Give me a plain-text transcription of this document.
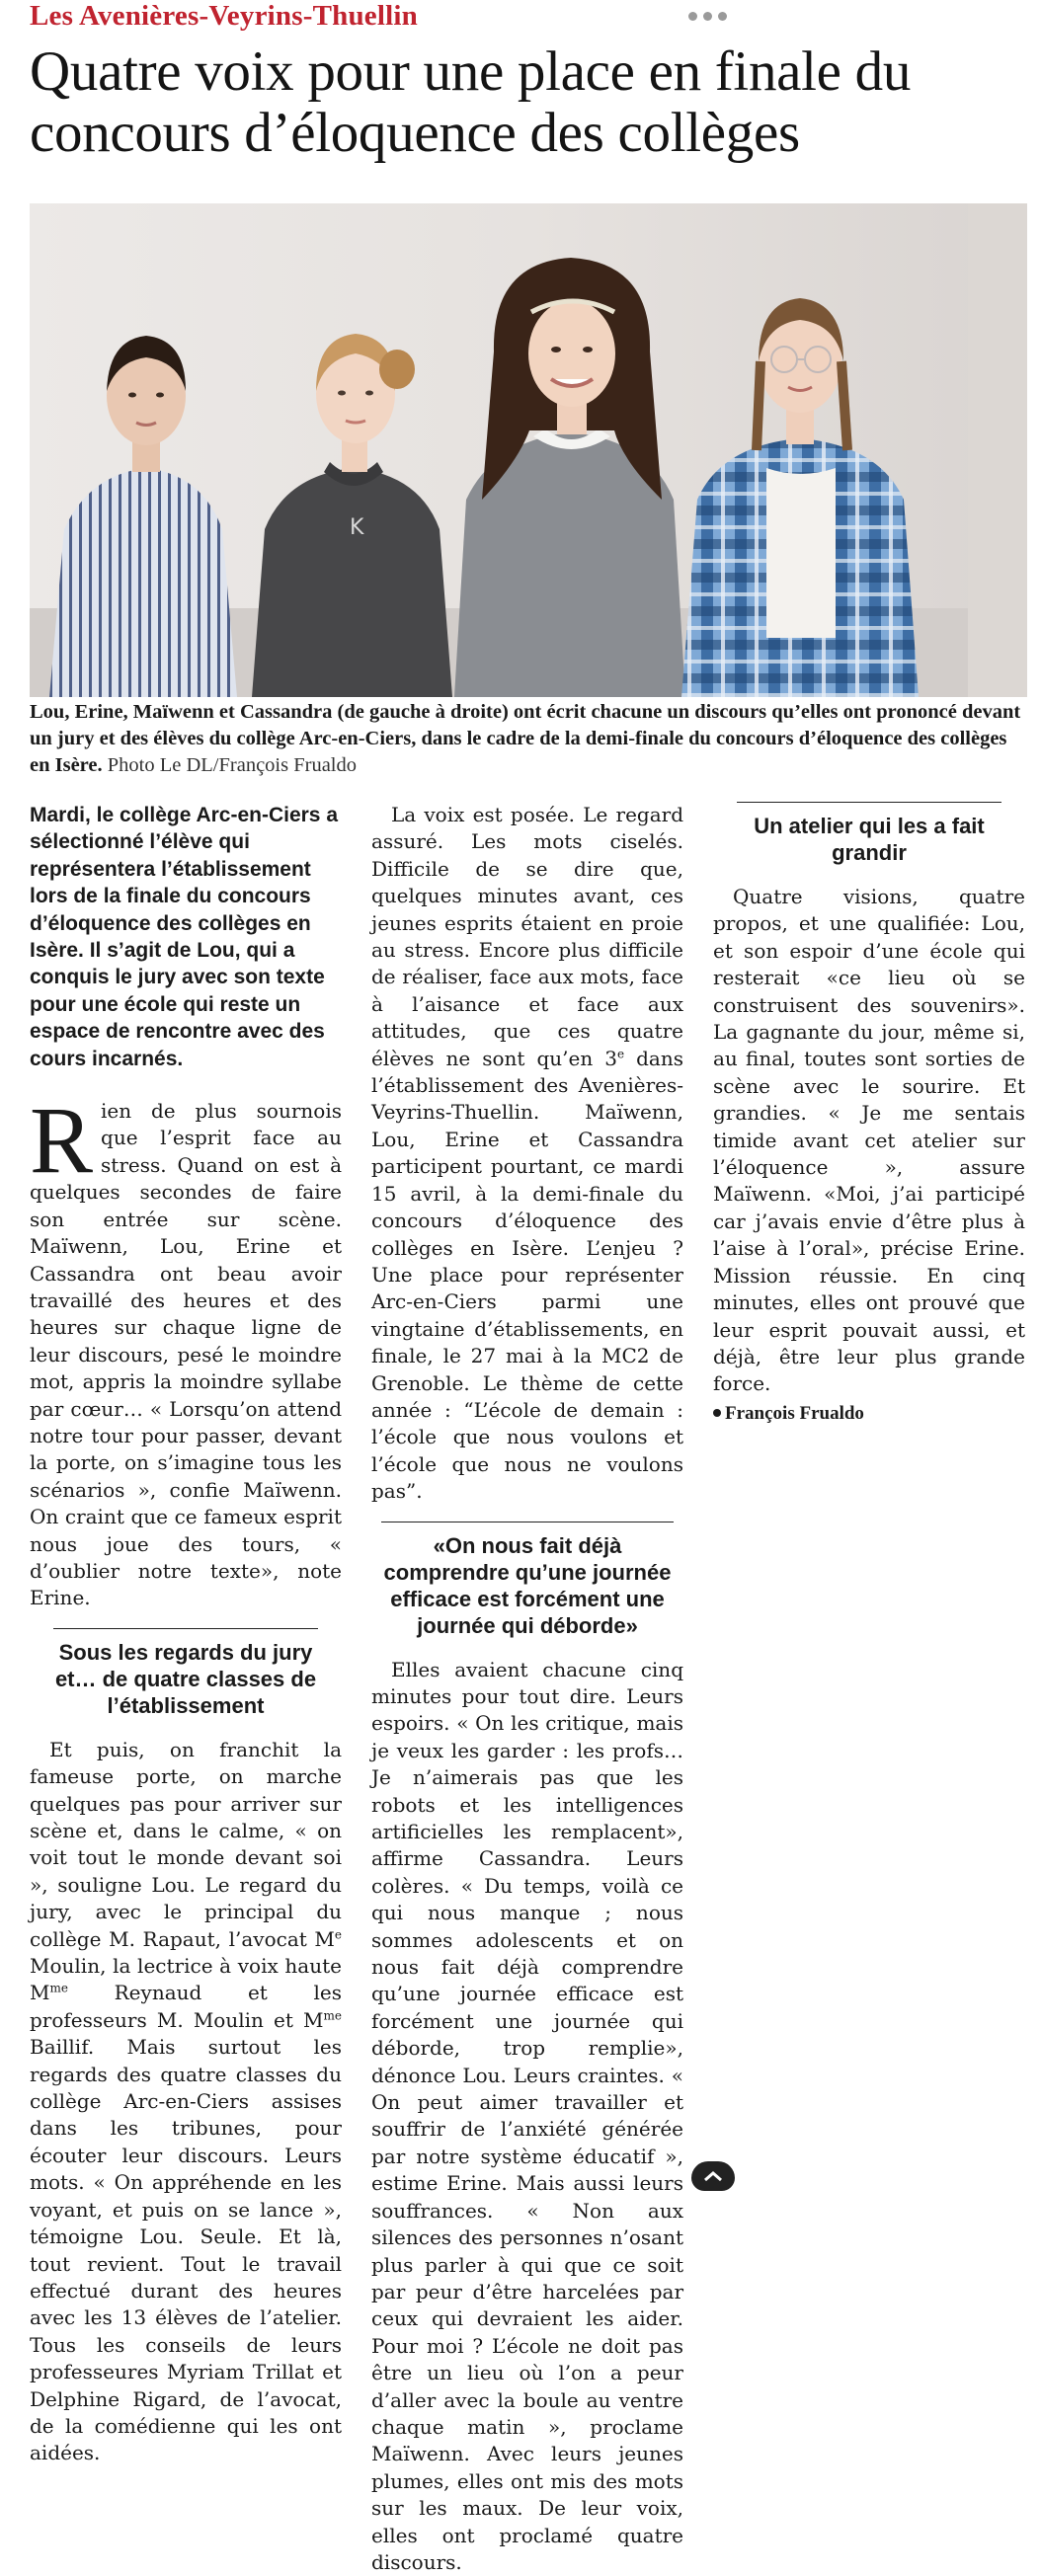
Les Avenières-Veyrins-Thuellin
Quatre voix pour une place en finale du concours d’éloquence des collèges
K

Lou, Erine, Maïwenn et Cassandra (de gauche à droite) ont écrit chacune un discours qu’elles ont prononcé devant un jury et des élèves du collège Arc-en-Ciers, dans le cadre de la demi-finale du concours d’éloquence des collèges en Isère. Photo Le DL/François Frualdo

Mardi, le collège Arc-en-Ciers a sélectionné l’élève qui représentera l’établissement lors de la finale du concours d’éloquence des collèges en Isère. Il s’agit de Lou, qui a conquis le jury avec son texte pour une école qui reste un espace de rencontre avec des cours incarnés.

Rien de plus sournois que l’esprit face au stress. Quand on est à quelques secondes de faire son entrée sur scène. Maïwenn, Lou, Erine et Cassandra ont beau avoir travaillé des heures et des heures sur chaque ligne de leur discours, pesé le moindre mot, appris la moindre syllabe par cœur… « Lorsqu’on attend notre tour pour passer, devant la porte, on s’imagine tous les scénarios », confie Maïwenn. On craint que ce fameux esprit nous joue des tours, « d’oublier notre texte», note Erine.

Sous les regards du jury et… de quatre classes de l’établissement

Et puis, on franchit la fameuse porte, on marche quelques pas pour arriver sur scène et, dans le calme, « on voit tout le monde devant soi », souligne Lou. Le regard du jury, avec le principal du collège M. Rapaut, l’avocat Me Moulin, la lectrice à voix haute $M^{me}$ Reynaud et les professeurs M. Moulin et $M^{me}$ Baillif. Mais surtout les regards des quatre classes du collège Arc-en-Ciers assises dans les tribunes, pour écouter leur discours. Leurs mots. « On appréhende en les voyant, et puis on se lance », témoigne Lou. Seule. Et là, tout revient. Tout le travail effectué durant des heures avec les 13 élèves de l’atelier. Tous les conseils de leurs professeures Myriam Trillat et Delphine Rigard, de l’avocat, de la comédienne qui les ont aidées.

La voix est posée. Le regard assuré. Les mots ciselés. Difficile de se dire que, quelques minutes avant, ces jeunes esprits étaient en proie au stress. Encore plus difficile de réaliser, face aux mots, face à l’aisance et face aux attitudes, que ces quatre élèves ne sont qu’en 3e dans l’établissement des Avenières-Veyrins-Thuellin. Maïwenn, Lou, Erine et Cassandra participent pourtant, ce mardi 15 avril, à la demi-finale du concours d’éloquence des collèges en Isère. L’enjeu ? Une place pour représenter Arc-en-Ciers parmi une vingtaine d’établissements, en finale, le 27 mai à la MC2 de Grenoble. Le thème de cette année : “L’école de demain : l’école que nous voulons et l’école que nous ne voulons pas”.

«On nous fait déjà comprendre qu’une journée efficace est forcément une journée qui déborde»

Elles avaient chacune cinq minutes pour tout dire. Leurs espoirs. « On les critique, mais je veux les garder : les profs… Je n’aimerais pas que les robots et les intelligences artificielles les remplacent», affirme Cassandra. Leurs colères. « Du temps, voilà ce qui nous manque ; nous sommes adolescents et on nous fait déjà comprendre qu’une journée efficace est forcément une journée qui déborde, trop remplie», dénonce Lou. Leurs craintes. « On peut aimer travailler et souffrir de l’anxiété générée par notre système éducatif », estime Erine. Mais aussi leurs souffrances. « Non aux silences des personnes n’osant plus parler à qui que ce soit par peur d’être harcelées par ceux qui devraient les aider. Pour moi ? L’école ne doit pas être un lieu où l’on a peur d’aller avec la boule au ventre chaque matin », proclame Maïwenn. Avec leurs jeunes plumes, elles ont mis des mots sur les maux. De leur voix, elles ont proclamé quatre discours.

Un atelier qui les a fait grandir

Quatre visions, quatre propos, et une qualifiée: Lou, et son espoir d’une école qui resterait «ce lieu où se construisent des souvenirs». La gagnante du jour, même si, au final, toutes sont sorties de scène avec le sourire. Et grandies. « Je me sentais timide avant cet atelier sur l’éloquence », assure Maïwenn. «Moi, j’ai participé car j’avais envie d’être plus à l’aise à l’oral», précise Erine. Mission réussie. En cinq minutes, elles ont prouvé que leur esprit pouvait aussi, et déjà, être leur plus grande force.

François Frualdo
